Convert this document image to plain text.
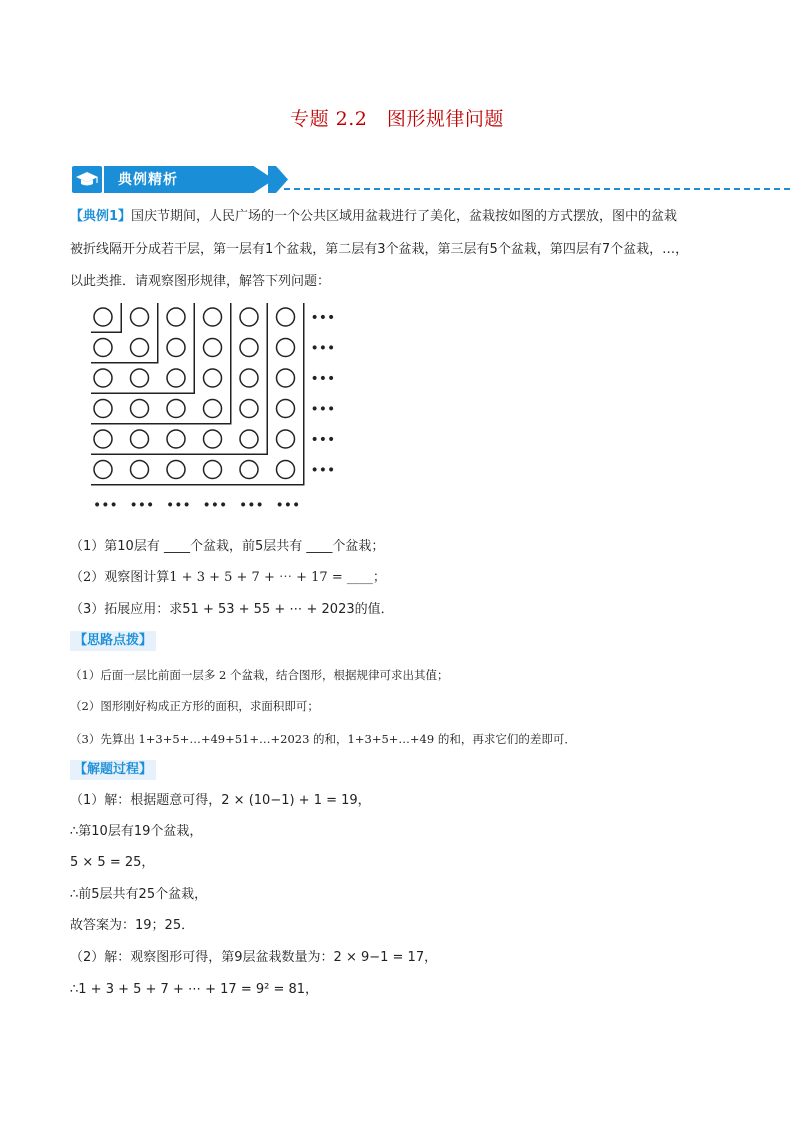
专题 2.2　图形规律问题
典例精析
【典例1】国庆节期间，人民广场的一个公共区域用盆栽进行了美化，盆栽按如图的方式摆放，图中的盆栽
被折线隔开分成若干层，第一层有1个盆栽，第二层有3个盆栽，第三层有5个盆栽，第四层有7个盆栽，…，
以此类推．请观察图形规律，解答下列问题：
•••
•••
•••
•••
•••
•••
••• ••• ••• ••• ••• •••
（1）第10层有 ____个盆栽，前5层共有 ____个盆栽；
（2）观察图计算1 + 3 + 5 + 7 + ⋯ + 17 = ____；
（3）拓展应用：求51 + 53 + 55 + ⋯ + 2023的值．
【思路点拨】
（1）后面一层比前面一层多 2 个盆栽，结合图形，根据规律可求出其值；
（2）图形刚好构成正方形的面积，求面积即可；
（3）先算出 1+3+5+…+49+51+…+2023 的和，1+3+5+…+49 的和，再求它们的差即可．
【解题过程】
（1）解：根据题意可得，2 × (10−1) + 1 = 19，
∴第10层有19个盆栽，
5 × 5 = 25，
∴前5层共有25个盆栽，
故答案为：19；25．
（2）解：观察图形可得，第9层盆栽数量为：2 × 9−1 = 17，
∴1 + 3 + 5 + 7 + ⋯ + 17 = 9² = 81，
